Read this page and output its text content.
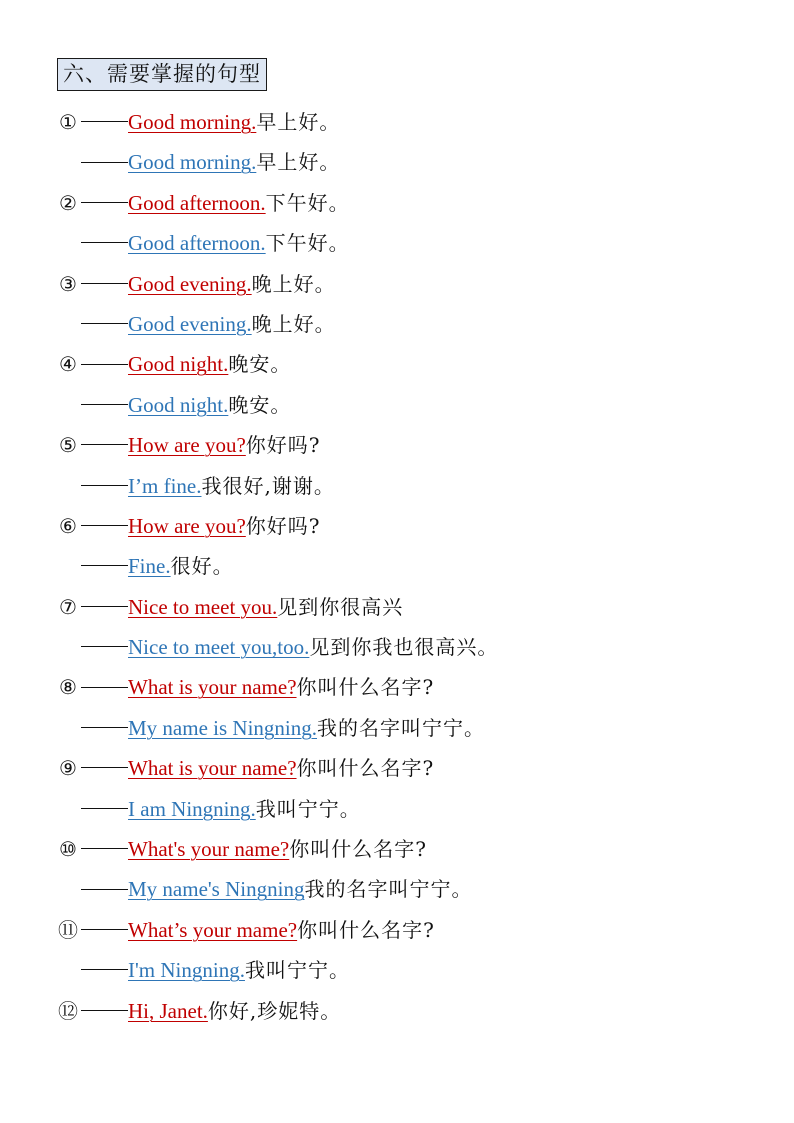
六、需要掌握的句型
① Good morning.早上好。
Good morning.早上好。
② Good afternoon.下午好。
Good afternoon.下午好。
③ Good evening.晚上好。
Good evening.晚上好。
④ Good night.晚安。
Good night.晚安。
⑤ How are you?你好吗?
I’m fine.我很好,谢谢。
⑥ How are you?你好吗?
Fine.很好。
⑦ Nice to meet you.见到你很高兴
Nice to meet you,too.见到你我也很高兴。
⑧ What is your name?你叫什么名字?
My name is Ningning.我的名字叫宁宁。
⑨ What is your name?你叫什么名字?
I am Ningning.我叫宁宁。
⑩ What's your name?你叫什么名字?
My name's Ningning我的名字叫宁宁。
⑪ What’s your mame?你叫什么名字?
I'm Ningning.我叫宁宁。
⑫ Hi, Janet.你好,珍妮特。
